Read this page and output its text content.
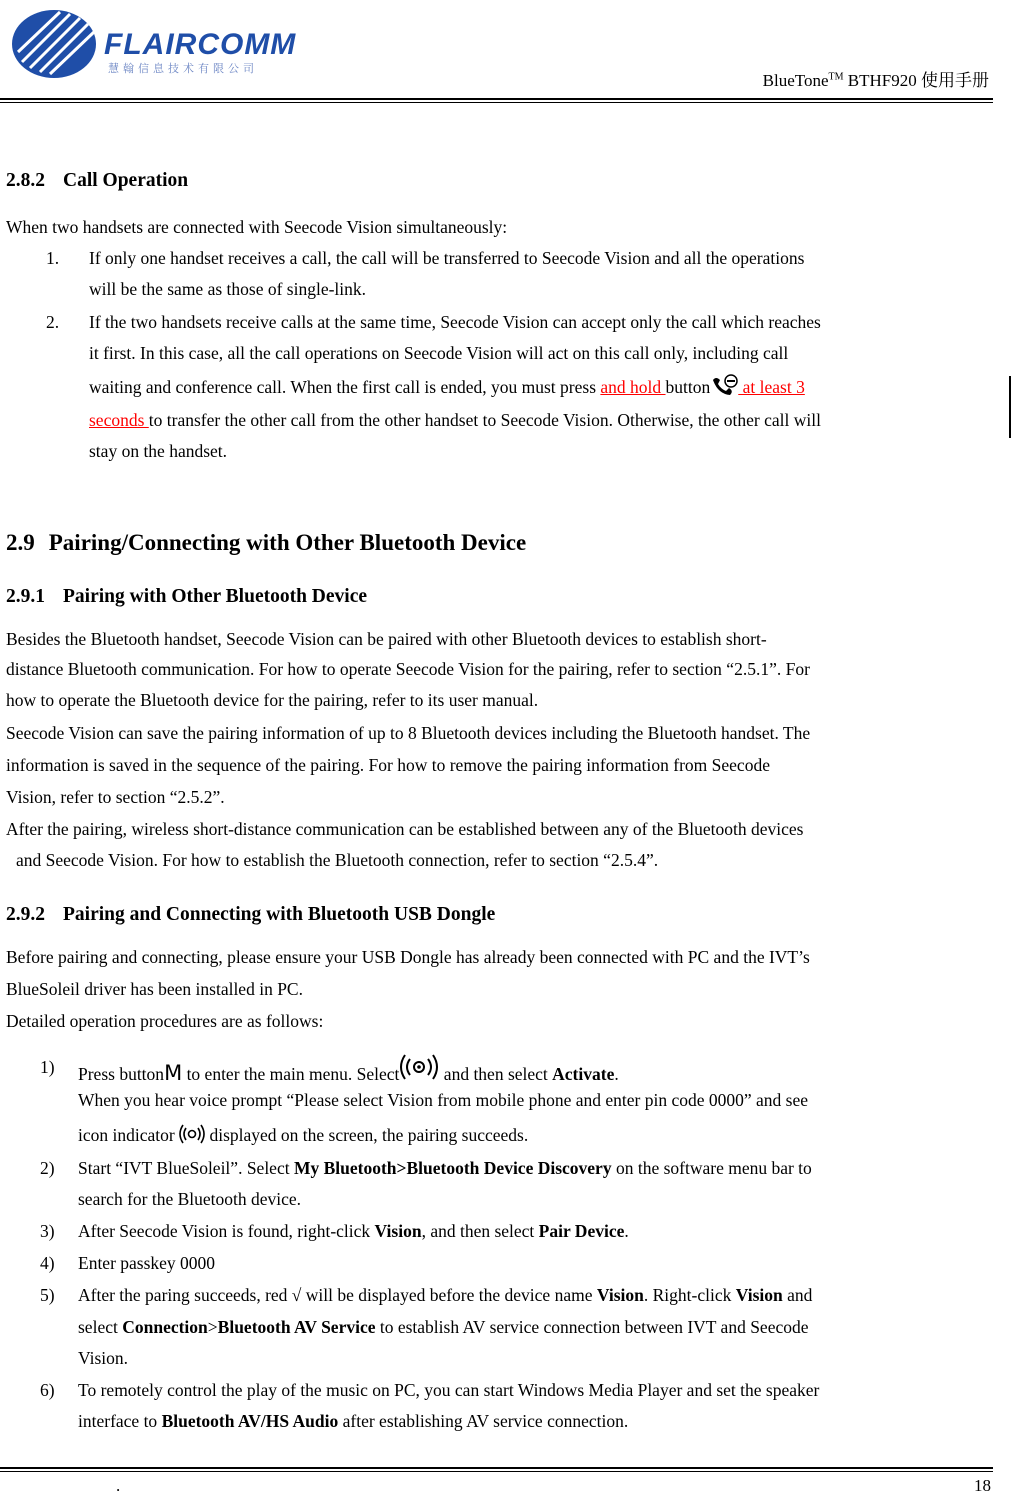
FLAIRCOMM
慧翰信息技术有限公司
BlueTone™ BTHF920 使用手册
2.8.2 Call Operation

When two handsets are connected with Seecode Vision simultaneously:

1. If only one handset receives a call, the call will be transferred to Seecode Vision and all the operations

will be the same as those of single-link.

2. If the two handsets receive calls at the same time, Seecode Vision can accept only the call which reaches

it first. In this case, all the call operations on Seecode Vision will act on this call only, including call

waiting and conference call. When the first call is ended, you must press and hold button at least 3

seconds to transfer the other call from the other handset to Seecode Vision. Otherwise, the other call will

stay on the handset.

2.9 Pairing/Connecting with Other Bluetooth Device
2.9.1 Pairing with Other Bluetooth Device

Besides the Bluetooth handset, Seecode Vision can be paired with other Bluetooth devices to establish short-

distance Bluetooth communication. For how to operate Seecode Vision for the pairing, refer to section “2.5.1”. For

how to operate the Bluetooth device for the pairing, refer to its user manual.

Seecode Vision can save the pairing information of up to 8 Bluetooth devices including the Bluetooth handset. The

information is saved in the sequence of the pairing. For how to remove the pairing information from Seecode

Vision, refer to section “2.5.2”.

After the pairing, wireless short-distance communication can be established between any of the Bluetooth devices

and Seecode Vision. For how to establish the Bluetooth connection, refer to section “2.5.4”.

2.9.2 Pairing and Connecting with Bluetooth USB Dongle

Before pairing and connecting, please ensure your USB Dongle has already been connected with PC and the IVT’s

BlueSoleil driver has been installed in PC.

Detailed operation procedures are as follows:

1) Press buttonM to enter the main menu. Select and then select Activate.

When you hear voice prompt “Please select Vision from mobile phone and enter pin code 0000” and see

icon indicator  displayed on the screen, the pairing succeeds.

2) Start “IVT BlueSoleil”. Select My Bluetooth>Bluetooth Device Discovery on the software menu bar to

search for the Bluetooth device.

3) After Seecode Vision is found, right-click Vision, and then select Pair Device.

4) Enter passkey 0000

5) After the paring succeeds, red √ will be displayed before the device name Vision. Right-click Vision and

select Connection>Bluetooth AV Service to establish AV service connection between IVT and Seecode

Vision.

6) To remotely control the play of the music on PC, you can start Windows Media Player and set the speaker

interface to Bluetooth AV/HS Audio after establishing AV service connection.

.	18
